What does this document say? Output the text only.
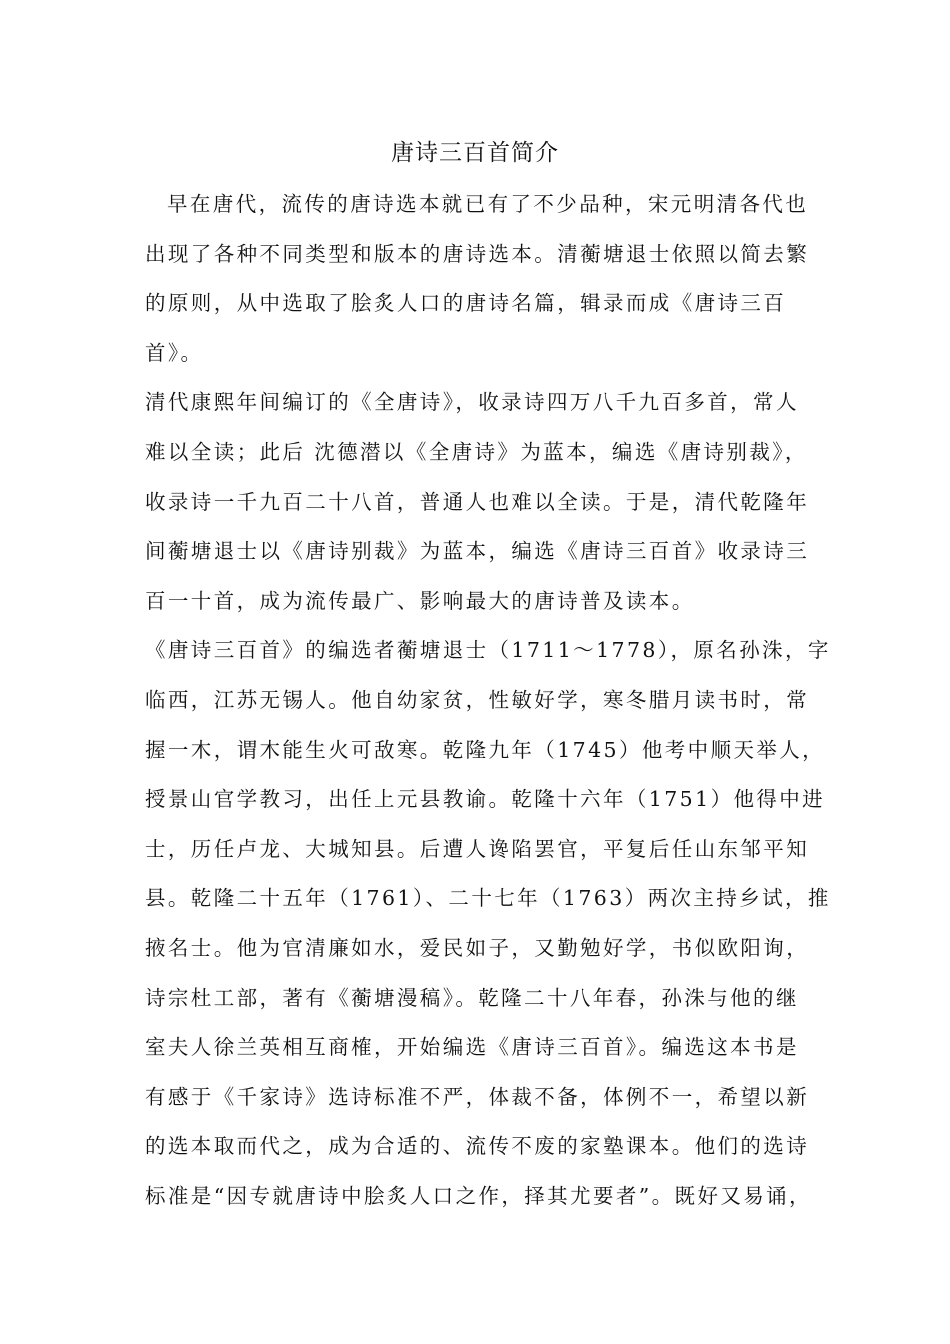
唐诗三百首简介
早在唐代，流传的唐诗选本就已有了不少品种，宋元明清各代也
出现了各种不同类型和版本的唐诗选本。清蘅塘退士依照以简去繁
的原则，从中选取了脍炙人口的唐诗名篇，辑录而成《唐诗三百
首》。
清代康熙年间编订的《全唐诗》，收录诗四万八千九百多首，常人
难以全读；此后 沈德潜以《全唐诗》为蓝本，编选《唐诗别裁》，
收录诗一千九百二十八首，普通人也难以全读。于是，清代乾隆年
间蘅塘退士以《唐诗别裁》为蓝本，编选《唐诗三百首》收录诗三
百一十首，成为流传最广、影响最大的唐诗普及读本。
《唐诗三百首》的编选者蘅塘退士（1711～1778），原名孙洙，字
临西，江苏无锡人。他自幼家贫，性敏好学，寒冬腊月读书时，常
握一木，谓木能生火可敌寒。乾隆九年（1745）他考中顺天举人，
授景山官学教习，出任上元县教谕。乾隆十六年（1751）他得中进
士，历任卢龙、大城知县。后遭人谗陷罢官，平复后任山东邹平知
县。乾隆二十五年（1761）、二十七年（1763）两次主持乡试，推
掖名士。他为官清廉如水，爱民如子，又勤勉好学，书似欧阳询，
诗宗杜工部，著有《蘅塘漫稿》。乾隆二十八年春，孙洙与他的继
室夫人徐兰英相互商榷，开始编选《唐诗三百首》。编选这本书是
有感于《千家诗》选诗标准不严，体裁不备，体例不一，希望以新
的选本取而代之，成为合适的、流传不废的家塾课本。他们的选诗
标准是“因专就唐诗中脍炙人口之作，择其尤要者”。既好又易诵，
